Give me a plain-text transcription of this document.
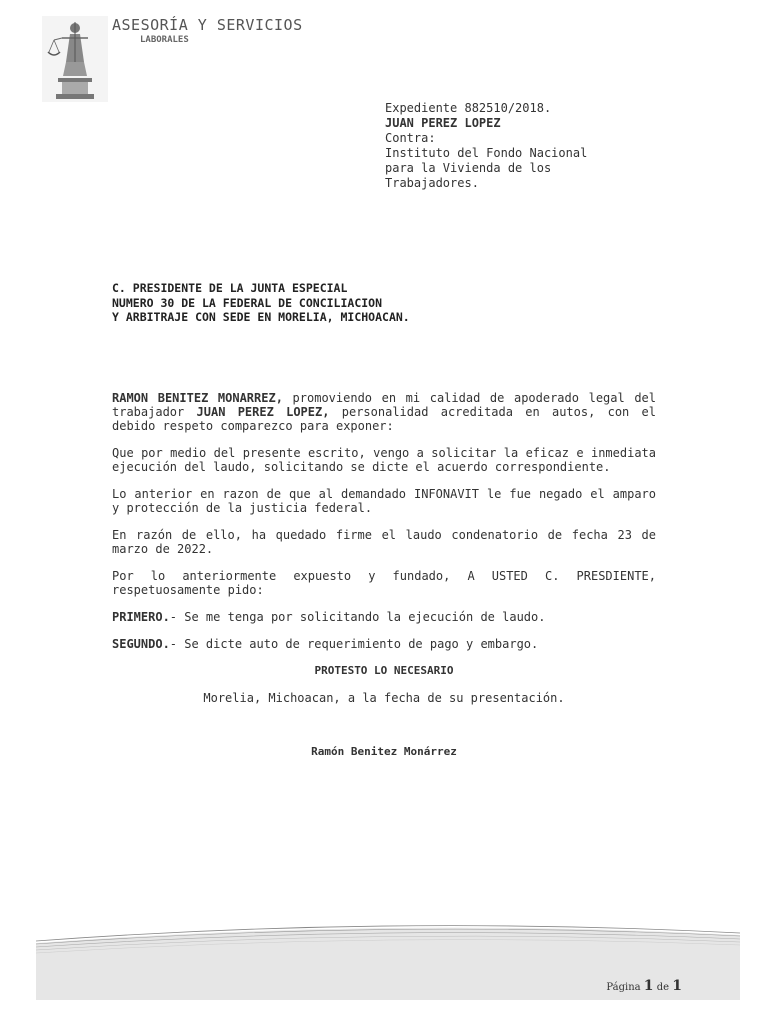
ASESORÍA Y SERVICIOS
LABORALES
Expediente 882510/2018.
JUAN PEREZ LOPEZ
Contra:
Instituto del Fondo Nacional
para la Vivienda de los
Trabajadores.
C. PRESIDENTE DE LA JUNTA ESPECIAL
NUMERO 30 DE LA FEDERAL DE CONCILIACION
Y ARBITRAJE CON SEDE EN MORELIA, MICHOACAN.

RAMON BENITEZ MONARREZ, promoviendo en mi calidad de apoderado legal del trabajador JUAN PEREZ LOPEZ, personalidad acreditada en autos, con el debido respeto comparezco para exponer:

Que por medio del presente escrito, vengo a solicitar la eficaz e inmediata ejecución del laudo, solicitando se dicte el acuerdo correspondiente.

Lo anterior en razon de que al demandado INFONAVIT le fue negado el amparo y protección de la justicia federal.

En razón de ello, ha quedado firme el laudo condenatorio de fecha 23 de marzo de 2022.

Por lo anteriormente expuesto y fundado, A USTED C. PRESDIENTE, respetuosamente pido:

PRIMERO.- Se me tenga por solicitando la ejecución de laudo.

SEGUNDO.- Se dicte auto de requerimiento de pago y embargo.

PROTESTO LO NECESARIO

Morelia, Michoacan, a la fecha de su presentación.

Ramón Benitez Monárrez

Página 1 de 1
